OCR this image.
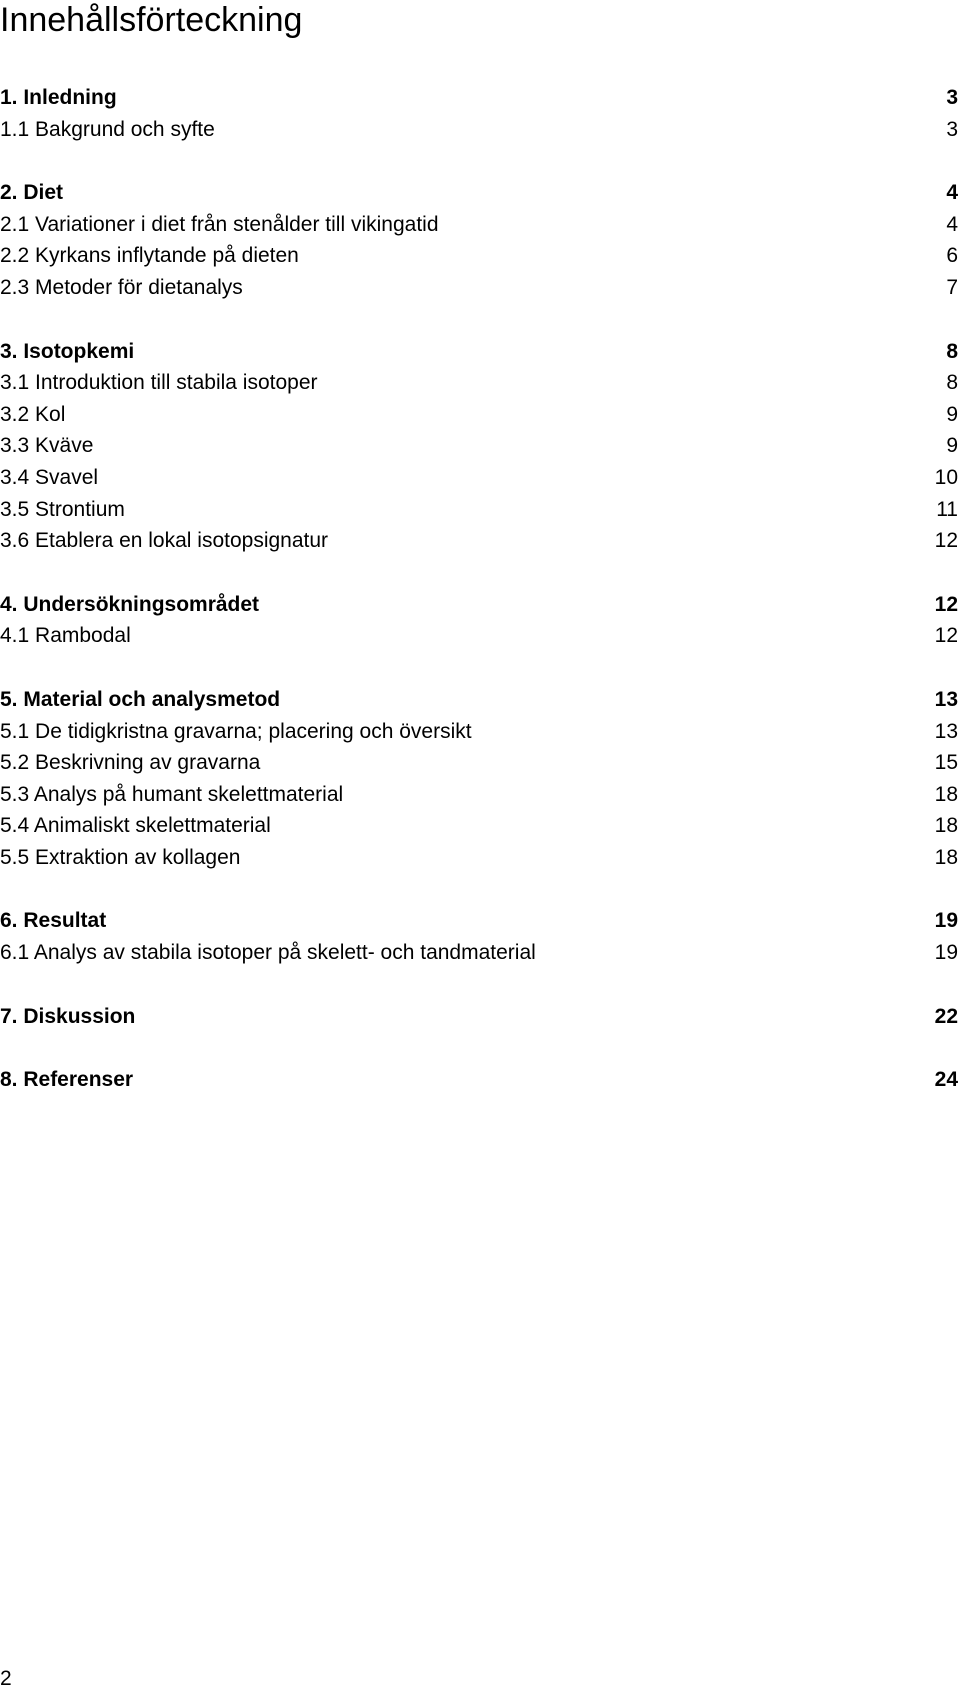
Innehållsförteckning
1. Inledning	3
1.1 Bakgrund och syfte	3
2. Diet	4
2.1 Variationer i diet från stenålder till vikingatid	4
2.2 Kyrkans inflytande på dieten	6
2.3 Metoder för dietanalys	7
3. Isotopkemi	8
3.1 Introduktion till stabila isotoper	8
3.2 Kol	9
3.3 Kväve	9
3.4 Svavel	10
3.5 Strontium	11
3.6 Etablera en lokal isotopsignatur	12
4. Undersökningsområdet	12
4.1 Rambodal	12
5. Material och analysmetod	13
5.1 De tidigkristna gravarna; placering och översikt	13
5.2 Beskrivning av gravarna	15
5.3 Analys på humant skelettmaterial	18
5.4 Animaliskt skelettmaterial	18
5.5 Extraktion av kollagen	18
6. Resultat	19
6.1 Analys av stabila isotoper på skelett- och tandmaterial	19
7. Diskussion	22
8. Referenser	24
2
